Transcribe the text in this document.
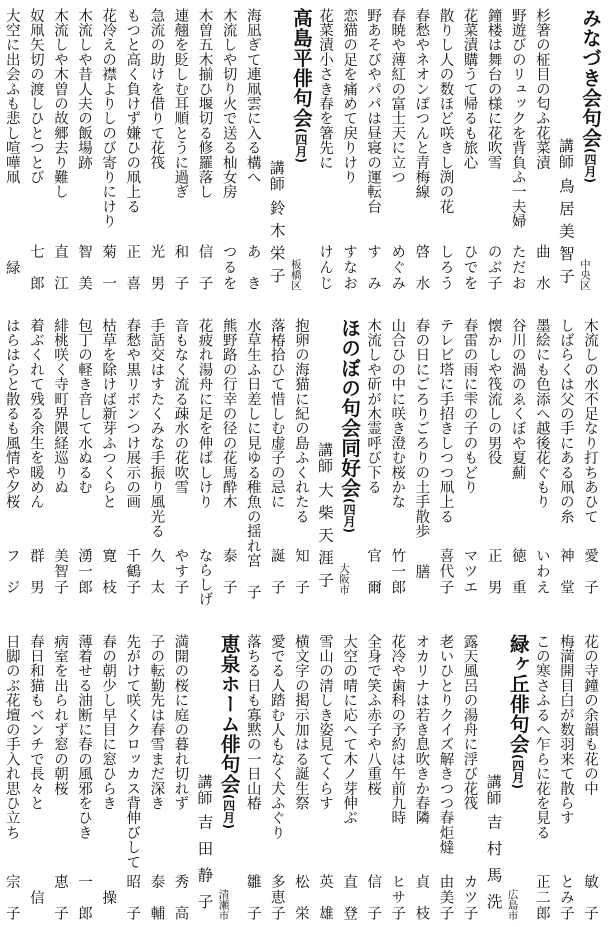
みなづき会句会(四月)
中央区
講師
鳥居美智子
杉箸の柾目の匂ふ花菜漬
曲水
野遊びのリュックを背負ふ一夫婦
ただお
鐘楼は舞台の様に花吹雪
のぶ子
花菜漬購うて帰るも旅心
ひでを
散りし人の数ほど咲きし渕の花
しろう
春愁やネオンぽつんと青梅線
啓水
春暁や薄紅の富士天に立つ
めぐみ
野あそびやパパは昼寝の運転台
すみ
恋猫の足を痛めて戻りけり
すなお
花菜漬小さき春を箸先に
けんじ
高島平俳句会(四月)
板橋区
講師
鈴木栄子
海凪ぎて連凧雲に入る構へ
あき
木流しや切り火で送る杣女房
つるを
木曽五木揃ひ堰切る修羅落し
信子
連翹を貶しむ耳順とうに過ぎ
和子
急流の助けを借りて花筏
光男
もつと高く負けず嫌ひの凧上る
正喜
花冷えの襟よりしのび寄りにけり
菊一
木流しや昔人夫の飯場跡
智美
木流しや木曽の故郷去り難し
直江
奴凧矢切の渡しひとつとび
七郎
大空に出会ふも悲し喧嘩凧
緑
木流しの水不足なり打ちあひて
愛子
しばらくは父の手にある凧の糸
神堂
墨絵にも色添へ越後花ぐもり
いわえ
谷川の渦のゑくぼや夏薊
徳重
懐かしや筏流しの男役
正男
春雷の雨に雫の子のもどり
マツエ
テレビ塔に手招きしつつ凧上る
喜代子
春の日にごろりごろりの土手散歩
膳
山合ひの中に咲き澄む桜かな
竹一郎
木流しや斫が木霊呼び下る
官爾
ほのぼの句会同好会(四月)
大阪市
講師
大柴天涯子
抱卵の海猫に紀の島ふくれたる
知子
落椿拾ひて惜しむ虚子の忌に
誕子
水草生ふ日差しに見ゆる稚魚の揺れ
宮子
熊野路の行幸の径の花馬酔木
泰子
花疲れ湯舟に足を伸ばしけり
ならしげ
音もなく流る疎水の花吹雪
やす子
手話交はすたくみな手振り風光る
久太
春愁や黒リボンつけ展示の画
千鶴子
枯草を除けば新芽ふつくらと
寛枝
包丁の軽き音して水ぬるむ
湧一郎
緋桃咲く寺町界隈経巡りぬ
美智子
着ぶくれて残る余生を暖めん
群男
はらはらと散るも風情や夕桜
フジ
花の寺鐘の余韻も花の中
敏子
梅満開目白が数羽来て散らす
とみ子
この寒さふるへ乍らに花を見る
正二郎
緑ヶ丘俳句会(四月)
広島市
講師
吉村馬洗
露天風呂の湯舟に浮び花筏
カツ子
老いひとりクイズ解きつつ春炬燵
由美子
オカリナは若き息吹きか春隣
貞枝
花冷や歯科の予約は午前九時
ヒサ子
全身で笑ふ赤子や八重桜
信子
大空の晴に応へて木ノ芽伸ぶ
直登
雪山の清しき姿見てくらす
英雄
横文字の掲示加はる誕生祭
松栄
愛でる人踏む人もなく犬ふぐり
多恵子
落ちる日も寡黙の一日山椿
雛子
恵泉ホーム俳句会(四月)
清瀬市
講師
吉田静子
満開の桜に庭の暮れ切れず
秀高
子の転勤先は春雪まだ深き
泰輔
先がけて咲くクロッカス背伸びして
昭子
春の朝少し早目に窓ひらき
操
薄着せる油断に春の風邪をひき
一郎
病室を出られず窓の朝桜
恵子
春日和猫もベンチで長々と
信
日脚のぶ花壇の手入れ思ひ立ち
宗子
